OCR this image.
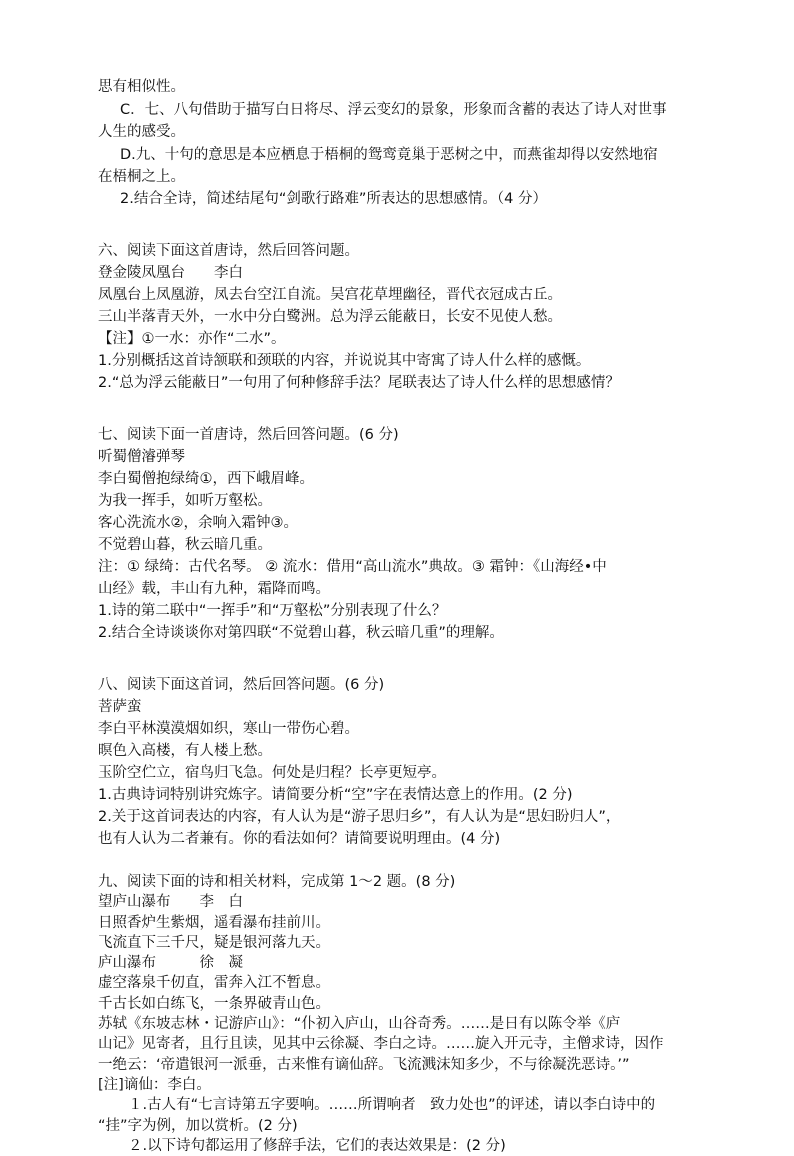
思有相似性。
C．七、八句借助于描写白日将尽、浮云变幻的景象，形象而含蓄的表达了诗人对世事
人生的感受。
D.九、十句的意思是本应栖息于梧桐的鸳鸾竟巢于恶树之中，而燕雀却得以安然地宿
在梧桐之上。
2.结合全诗，简述结尾句“剑歌行路难”所表达的思想感情。（4 分）
六、阅读下面这首唐诗，然后回答问题。
登金陵凤凰台　　李白
凤凰台上凤凰游，凤去台空江自流。吴宫花草埋幽径，晋代衣冠成古丘。
三山半落青天外，一水中分白鹭洲。总为浮云能蔽日，长安不见使人愁。
【注】①一水：亦作“二水”。
1.分别概括这首诗颔联和颈联的内容，并说说其中寄寓了诗人什么样的感慨。
2.“总为浮云能蔽日”一句用了何种修辞手法？尾联表达了诗人什么样的思想感情？
七、阅读下面一首唐诗，然后回答问题。(6 分)
听蜀僧濬弹琴
李白蜀僧抱绿绮①，西下峨眉峰。
为我一挥手，如听万壑松。
客心洗流水②，余响入霜钟③。
不觉碧山暮，秋云暗几重。
注：① 绿绮：古代名琴。 ② 流水：借用“高山流水”典故。③ 霜钟：《山海经•中
山经》载，丰山有九种，霜降而鸣。
1.诗的第二联中“一挥手”和“万壑松”分别表现了什么？
2.结合全诗谈谈你对第四联“不觉碧山暮，秋云暗几重”的理解。
八、阅读下面这首词，然后回答问题。(6 分)
菩萨蛮
李白平林漠漠烟如织，寒山一带伤心碧。
暝色入高楼，有人楼上愁。
玉阶空伫立，宿鸟归飞急。何处是归程？长亭更短亭。
1.古典诗词特别讲究炼字。请简要分析“空”字在表情达意上的作用。(2 分)
2.关于这首词表达的内容，有人认为是“游子思归乡”，有人认为是“思妇盼归人”，
也有人认为二者兼有。你的看法如何？请简要说明理由。(4 分)
九、阅读下面的诗和相关材料，完成第 1～2 题。(8 分)
望庐山瀑布　　李　白
日照香炉生紫烟，遥看瀑布挂前川。
飞流直下三千尺，疑是银河落九天。
庐山瀑布　　　徐　凝
虚空落泉千仞直，雷奔入江不暂息。
千古长如白练飞，一条界破青山色。
苏轼《东坡志林・记游庐山》：“仆初入庐山，山谷奇秀。……是日有以陈令举《庐
山记》见寄者，且行且读，见其中云徐凝、李白之诗。……旋入开元寺，主僧求诗，因作
一绝云：‘帝遣银河一派垂，古来惟有谪仙辞。飞流溅沫知多少，不与徐凝洗恶诗。’”
[注]谪仙：李白。
１.古人有“七言诗第五字要响。……所谓响者　致力处也”的评述，请以李白诗中的
“挂”字为例，加以赏析。(2 分)
２.以下诗句都运用了修辞手法，它们的表达效果是：(2 分)
